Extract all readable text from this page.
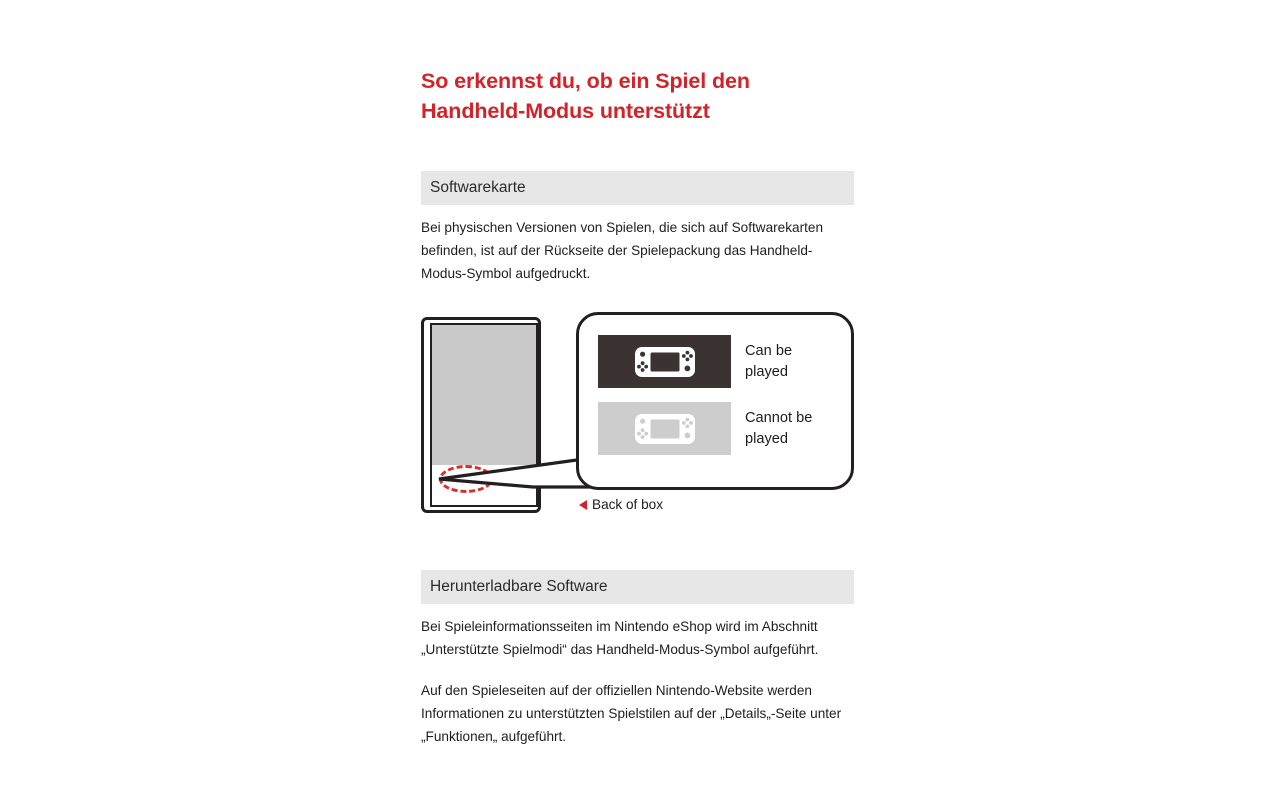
So erkennst du, ob ein Spiel den
Handheld-Modus unterstützt
Softwarekarte

Bei physischen Versionen von Spielen, die sich auf Softwarekarten befinden, ist auf der Rückseite der Spielepackung das Handheld-Modus-Symbol aufgedruckt.

Can be played
Cannot be played
Back of box
Herunterladbare Software

Bei Spieleinformationsseiten im Nintendo eShop wird im Abschnitt „Unterstützte Spielmodi“ das Handheld-Modus-Symbol aufgeführt.

Auf den Spieleseiten auf der offiziellen Nintendo-Website werden Informationen zu unterstützten Spielstilen auf der „Details„-Seite unter „Funktionen„ aufgeführt.
